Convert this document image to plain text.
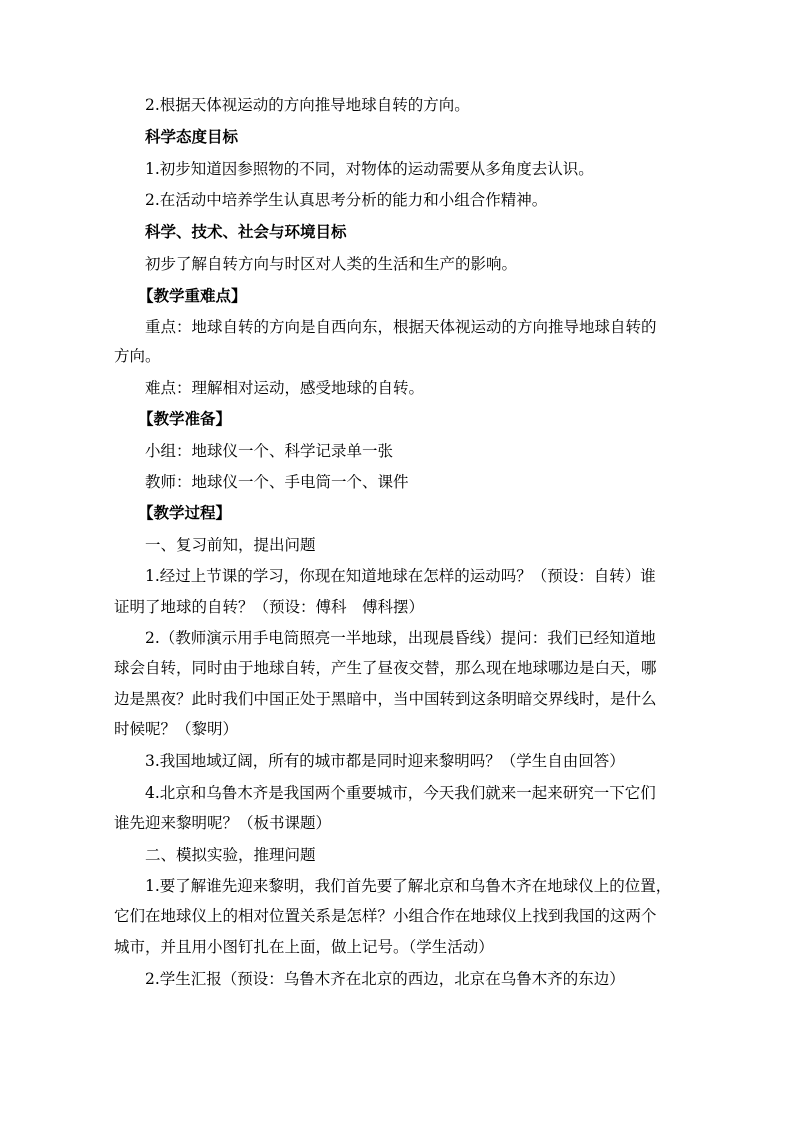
2.根据天体视运动的方向推导地球自转的方向。
科学态度目标
1.初步知道因参照物的不同，对物体的运动需要从多角度去认识。
2.在活动中培养学生认真思考分析的能力和小组合作精神。
科学、技术、社会与环境目标
初步了解自转方向与时区对人类的生活和生产的影响。
【教学重难点】
重点：地球自转的方向是自西向东，根据天体视运动的方向推导地球自转的
方向。
难点：理解相对运动，感受地球的自转。
【教学准备】
小组：地球仪一个、科学记录单一张
教师：地球仪一个、手电筒一个、课件
【教学过程】
一、复习前知，提出问题
1.经过上节课的学习，你现在知道地球在怎样的运动吗？（预设：自转）谁
证明了地球的自转？（预设：傅科　傅科摆）
2.（教师演示用手电筒照亮一半地球，出现晨昏线）提问：我们已经知道地
球会自转，同时由于地球自转，产生了昼夜交替，那么现在地球哪边是白天，哪
边是黑夜？此时我们中国正处于黑暗中，当中国转到这条明暗交界线时，是什么
时候呢？（黎明）
3.我国地域辽阔，所有的城市都是同时迎来黎明吗？（学生自由回答）
4.北京和乌鲁木齐是我国两个重要城市，今天我们就来一起来研究一下它们
谁先迎来黎明呢？（板书课题）
二、模拟实验，推理问题
1.要了解谁先迎来黎明，我们首先要了解北京和乌鲁木齐在地球仪上的位置，
它们在地球仪上的相对位置关系是怎样？小组合作在地球仪上找到我国的这两个
城市，并且用小图钉扎在上面，做上记号。（学生活动）
2.学生汇报（预设：乌鲁木齐在北京的西边，北京在乌鲁木齐的东边）
